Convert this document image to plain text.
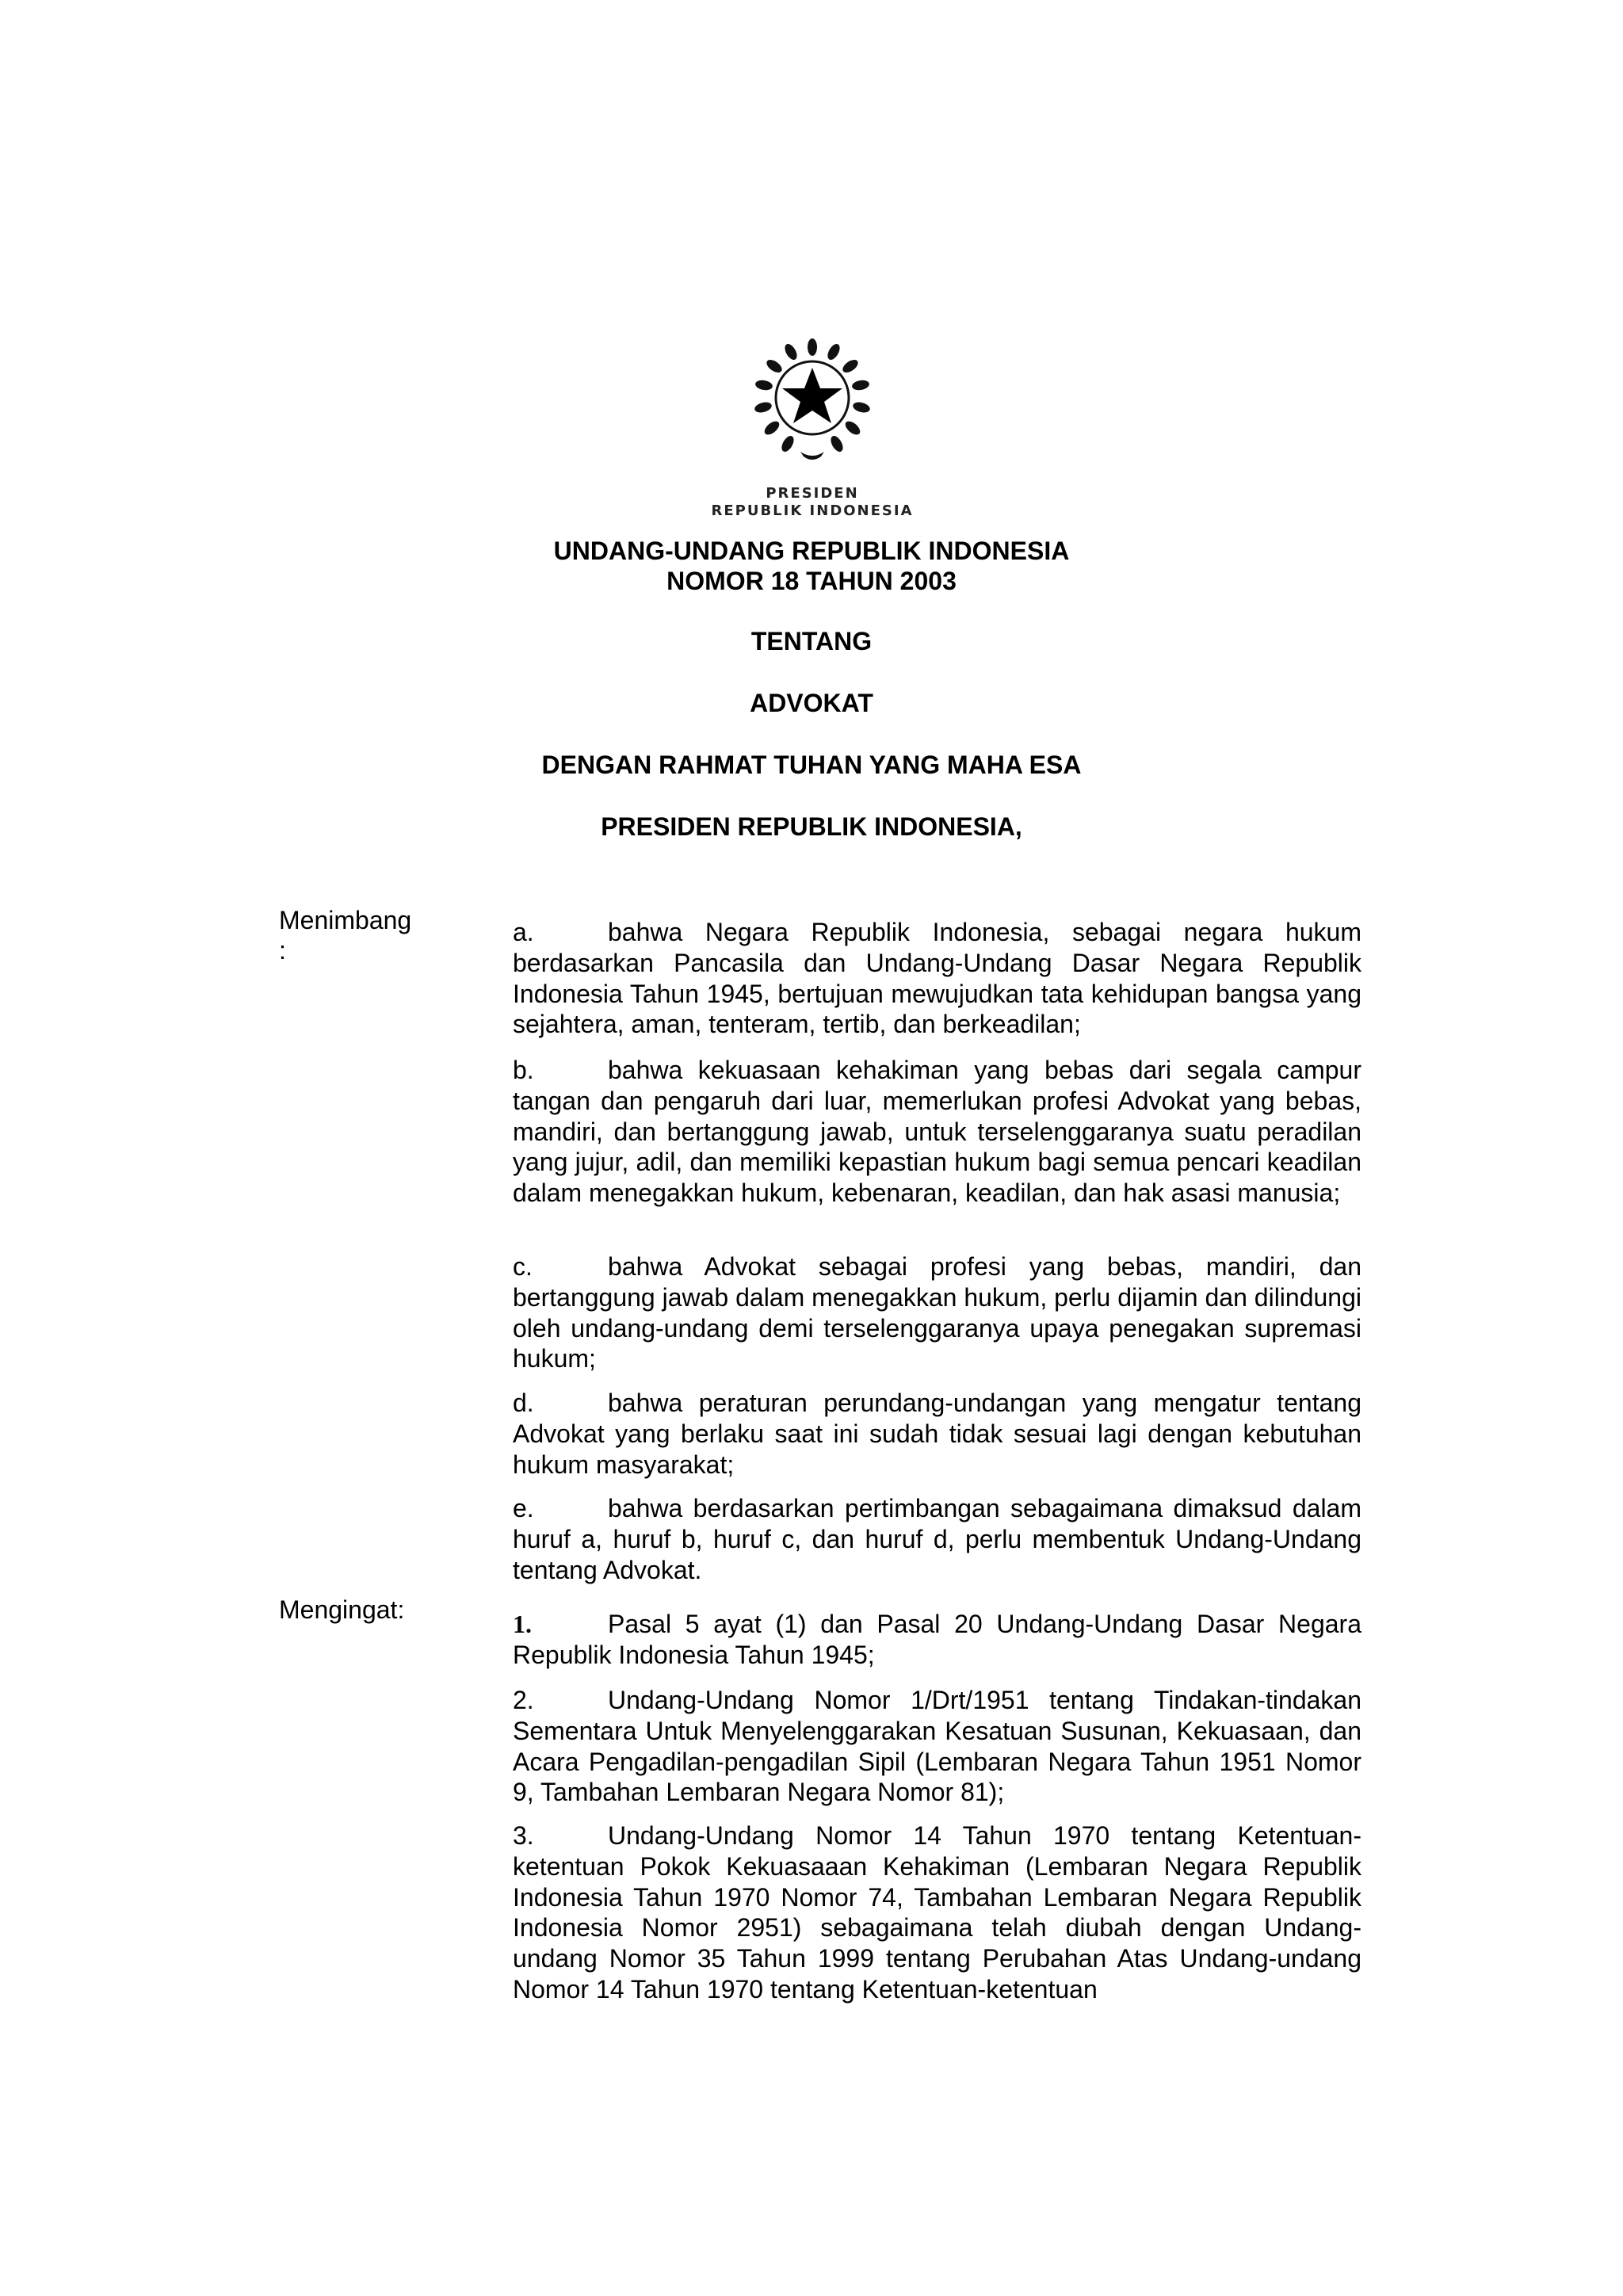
PRESIDEN
REPUBLIK INDONESIA
UNDANG-UNDANG REPUBLIK INDONESIA
NOMOR 18 TAHUN 2003
TENTANG
ADVOKAT
DENGAN RAHMAT TUHAN YANG MAHA ESA
PRESIDEN REPUBLIK INDONESIA,
Menimbang
:
a.	bahwa Negara Republik Indonesia, sebagai negara hukum berdasarkan Pancasila dan Undang-Undang Dasar Negara Republik Indonesia Tahun 1945, bertujuan mewujudkan tata kehidupan bangsa yang sejahtera, aman, tenteram, tertib, dan berkeadilan;
b.	bahwa kekuasaan kehakiman yang bebas dari segala campur tangan dan pengaruh dari luar, memerlukan profesi Advokat yang bebas, mandiri, dan bertanggung jawab, untuk terselenggaranya suatu peradilan yang jujur, adil, dan memiliki kepastian hukum bagi semua pencari keadilan dalam menegakkan hukum, kebenaran, keadilan, dan hak asasi manusia;
c.	bahwa Advokat sebagai profesi yang bebas, mandiri, dan bertanggung jawab dalam menegakkan hukum, perlu dijamin dan dilindungi oleh undang-undang demi terselenggaranya upaya penegakan supremasi hukum;
d.	bahwa peraturan perundang-undangan yang mengatur tentang Advokat yang berlaku saat ini sudah tidak sesuai lagi dengan kebutuhan hukum masyarakat;
e.	bahwa berdasarkan pertimbangan sebagaimana dimaksud dalam huruf a, huruf b, huruf c, dan huruf d, perlu membentuk Undang-Undang tentang Advokat.
Mengingat:	1.	Pasal 5 ayat (1) dan Pasal 20 Undang-Undang Dasar Negara Republik Indonesia Tahun 1945;
2.	Undang-Undang Nomor 1/Drt/1951 tentang Tindakan-tindakan Sementara Untuk Menyelenggarakan Kesatuan Susunan, Kekuasaan, dan Acara Pengadilan-pengadilan Sipil (Lembaran Negara Tahun 1951 Nomor 9, Tambahan Lembaran Negara Nomor 81);
3.	Undang-Undang Nomor 14 Tahun 1970 tentang Ketentuan-ketentuan Pokok Kekuasaaan Kehakiman (Lembaran Negara Republik Indonesia Tahun 1970 Nomor 74, Tambahan Lembaran Negara Republik Indonesia Nomor 2951) sebagaimana telah diubah dengan Undang-undang Nomor 35 Tahun 1999 tentang Perubahan Atas Undang-undang Nomor 14 Tahun 1970 tentang Ketentuan-ketentuan
